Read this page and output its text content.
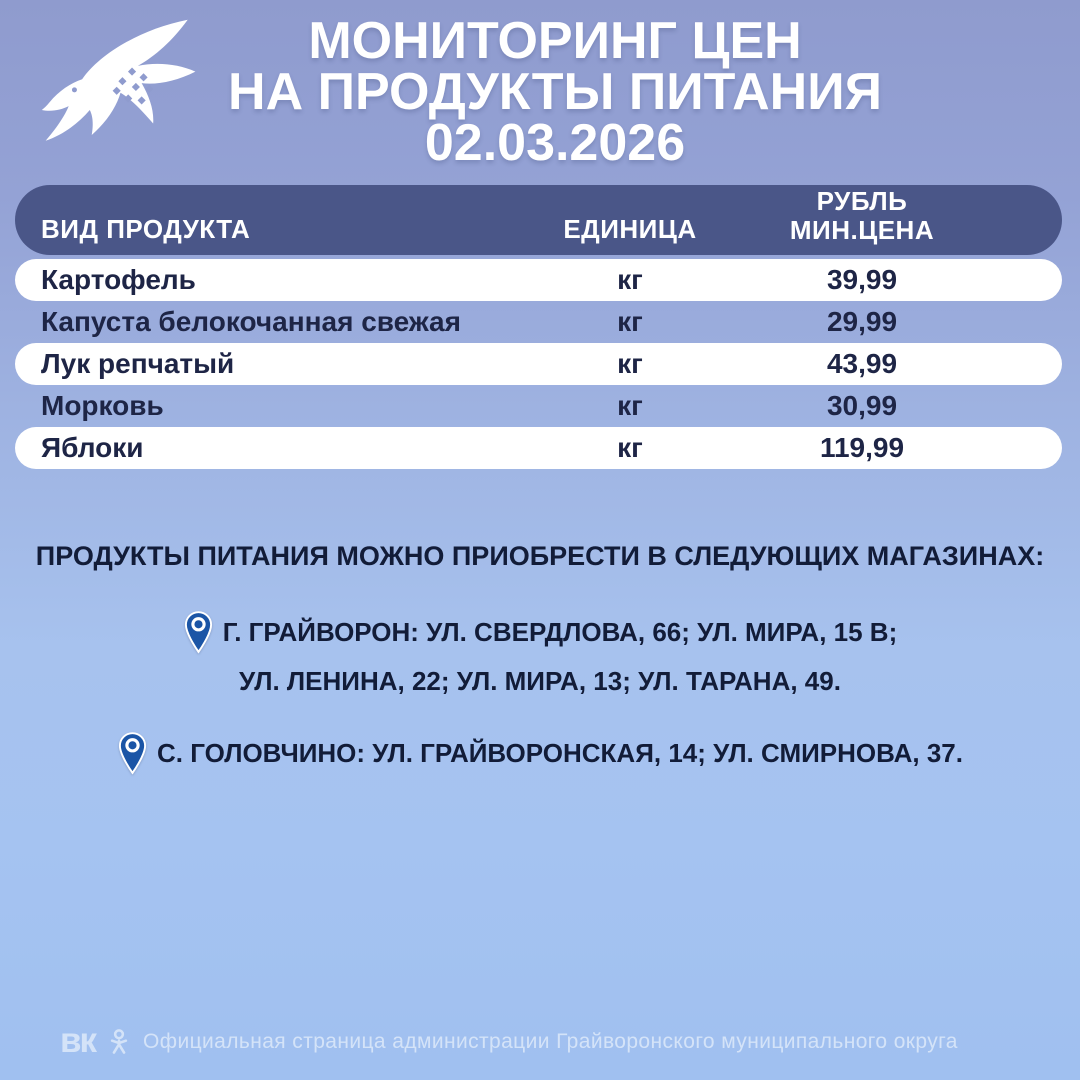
МОНИТОРИНГ ЦЕН
НА ПРОДУКТЫ ПИТАНИЯ
02.03.2026
ВИД ПРОДУКТА	ЕДИНИЦА
РУБЛЬ
МИН.ЦЕНА
Картофель	кг	39,99
Капуста белокочанная свежая	кг	29,99
Лук репчатый	кг	43,99
Морковь	кг	30,99
Яблоки	кг	119,99
ПРОДУКТЫ ПИТАНИЯ МОЖНО ПРИОБРЕСТИ В СЛЕДУЮЩИХ МАГАЗИНАХ:
Г. ГРАЙВОРОН: УЛ. СВЕРДЛОВА, 66; УЛ. МИРА, 15 В;
УЛ. ЛЕНИНА, 22; УЛ. МИРА, 13; УЛ. ТАРАНА, 49.
С. ГОЛОВЧИНО: УЛ. ГРАЙВОРОНСКАЯ, 14; УЛ. СМИРНОВА, 37.
вк Официальная страница администрации Грайворонского муниципального округа
